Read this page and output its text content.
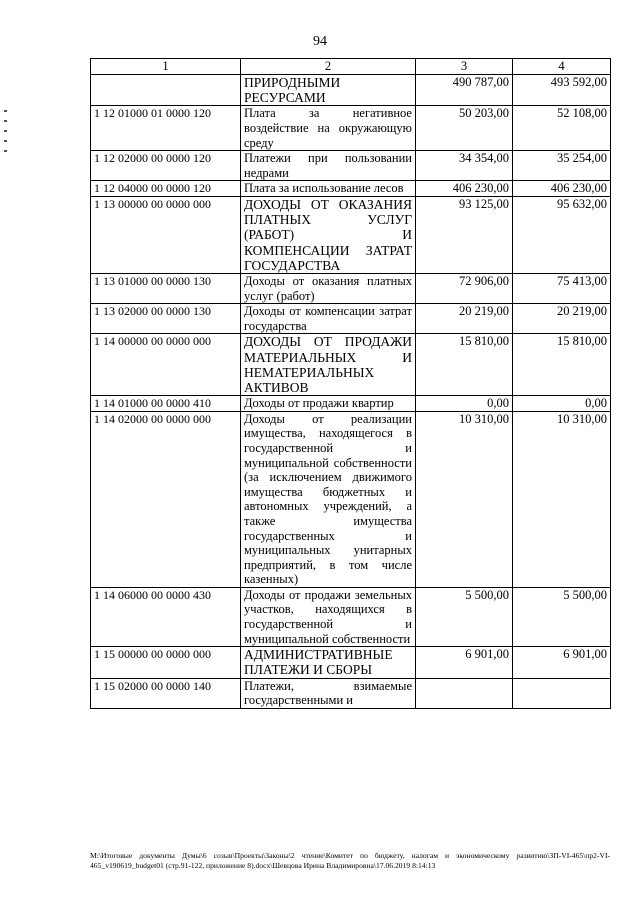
94
1	2	3	4
	ПРИРОДНЫМИ РЕСУРСАМИ	490 787,00	493 592,00
1 12 01000 01 0000 120	Плата за негативное воздействие на окружающую среду	50 203,00	52 108,00
1 12 02000 00 0000 120	Платежи при пользовании недрами	34 354,00	35 254,00
1 12 04000 00 0000 120	Плата за использование лесов	406 230,00	406 230,00
1 13 00000 00 0000 000	ДОХОДЫ ОТ ОКАЗАНИЯ ПЛАТНЫХ УСЛУГ (РАБОТ) И КОМПЕНСАЦИИ ЗАТРАТ ГОСУДАРСТВА	93 125,00	95 632,00
1 13 01000 00 0000 130	Доходы от оказания платных услуг (работ)	72 906,00	75 413,00
1 13 02000 00 0000 130	Доходы от компенсации затрат государства	20 219,00	20 219,00
1 14 00000 00 0000 000	ДОХОДЫ ОТ ПРОДАЖИ МАТЕРИАЛЬНЫХ И НЕМАТЕРИАЛЬНЫХ АКТИВОВ	15 810,00	15 810,00
1 14 01000 00 0000 410	Доходы от продажи квартир	0,00	0,00
1 14 02000 00 0000 000	Доходы от реализации имущества, находящегося в государственной и муниципальной собственности (за исключением движимого имущества бюджетных и автономных учреждений, а также имущества государственных и муниципальных унитарных предприятий, в том числе казенных)	10 310,00	10 310,00
1 14 06000 00 0000 430	Доходы от продажи земельных участков, находящихся в государственной и муниципальной собственности	5 500,00	5 500,00
1 15 00000 00 0000 000	АДМИНИСТРАТИВНЫЕ ПЛАТЕЖИ И СБОРЫ	6 901,00	6 901,00
1 15 02000 00 0000 140	Платежи, взимаемые государственными и		
M:\Итоговые документы Думы\6 созыв\Проекты\Законы\2 чтение\Комитет по бюджету, налогам и экономическому развитию\ЗП-VI-465\пр2-VI-465_v190619_budget01 (стр.91-122, приложение 8).docx\Шевцова Ирина Владимировна\17.06.2019 8:14:13
